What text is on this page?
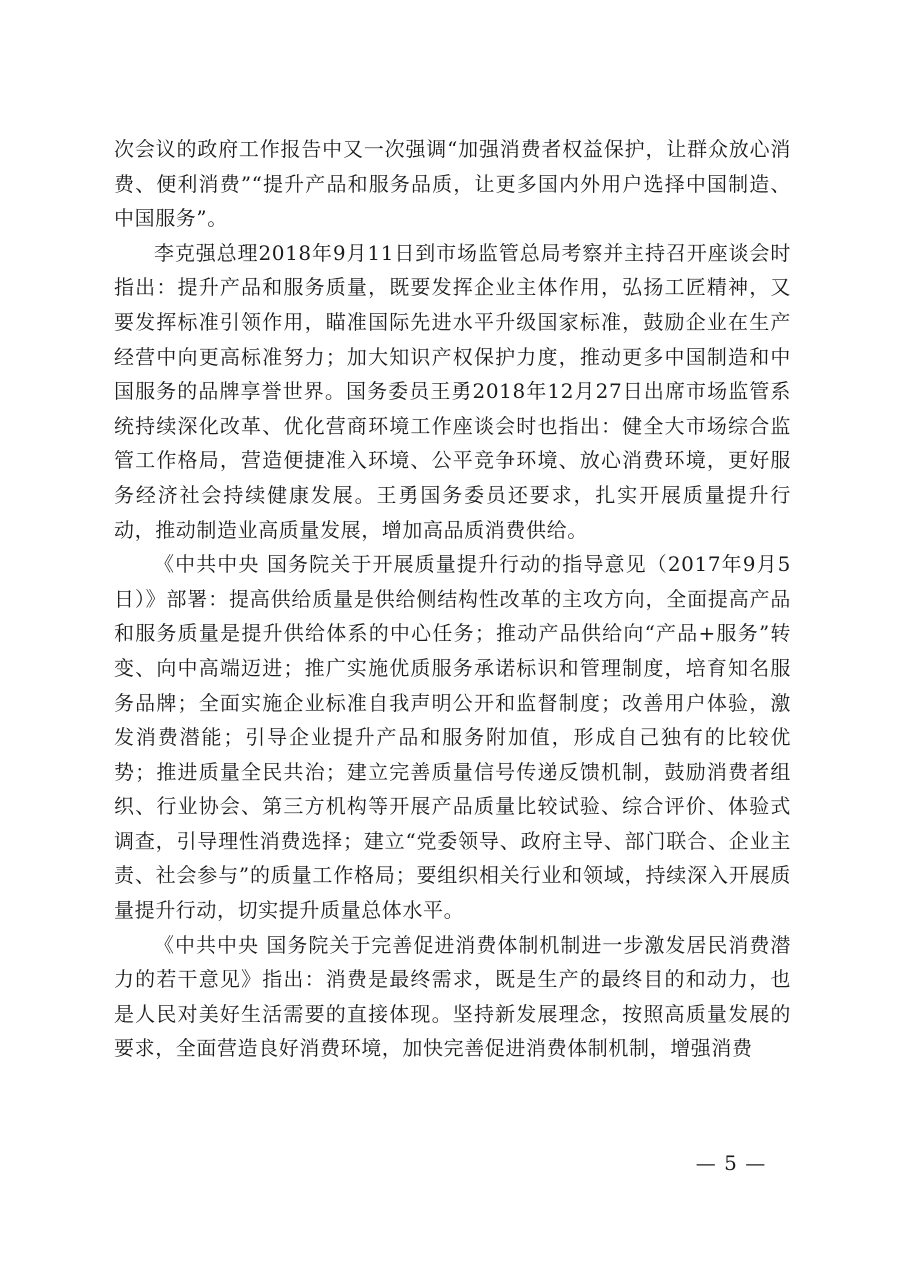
次会议的政府工作报告中又一次强调“加强消费者权益保护，让群众放心消费、便利消费”“提升产品和服务品质，让更多国内外用户选择中国制造、中国服务”。

李克强总理2018年9月11日到市场监管总局考察并主持召开座谈会时指出：提升产品和服务质量，既要发挥企业主体作用，弘扬工匠精神，又要发挥标准引领作用，瞄准国际先进水平升级国家标准，鼓励企业在生产经营中向更高标准努力；加大知识产权保护力度，推动更多中国制造和中国服务的品牌享誉世界。国务委员王勇2018年12月27日出席市场监管系统持续深化改革、优化营商环境工作座谈会时也指出：健全大市场综合监管工作格局，营造便捷准入环境、公平竞争环境、放心消费环境，更好服务经济社会持续健康发展。王勇国务委员还要求，扎实开展质量提升行动，推动制造业高质量发展，增加高品质消费供给。

《中共中央 国务院关于开展质量提升行动的指导意见（2017年9月5日）》部署：提高供给质量是供给侧结构性改革的主攻方向，全面提高产品和服务质量是提升供给体系的中心任务；推动产品供给向“产品+服务”转变、向中高端迈进；推广实施优质服务承诺标识和管理制度，培育知名服务品牌；全面实施企业标准自我声明公开和监督制度；改善用户体验，激发消费潜能；引导企业提升产品和服务附加值，形成自己独有的比较优势；推进质量全民共治；建立完善质量信号传递反馈机制，鼓励消费者组织、行业协会、第三方机构等开展产品质量比较试验、综合评价、体验式调查，引导理性消费选择；建立“党委领导、政府主导、部门联合、企业主责、社会参与”的质量工作格局；要组织相关行业和领域，持续深入开展质量提升行动，切实提升质量总体水平。

《中共中央 国务院关于完善促进消费体制机制进一步激发居民消费潜力的若干意见》指出：消费是最终需求，既是生产的最终目的和动力，也是人民对美好生活需要的直接体现。坚持新发展理念，按照高质量发展的要求，全面营造良好消费环境，加快完善促进消费体制机制，增强消费

— 5 —
